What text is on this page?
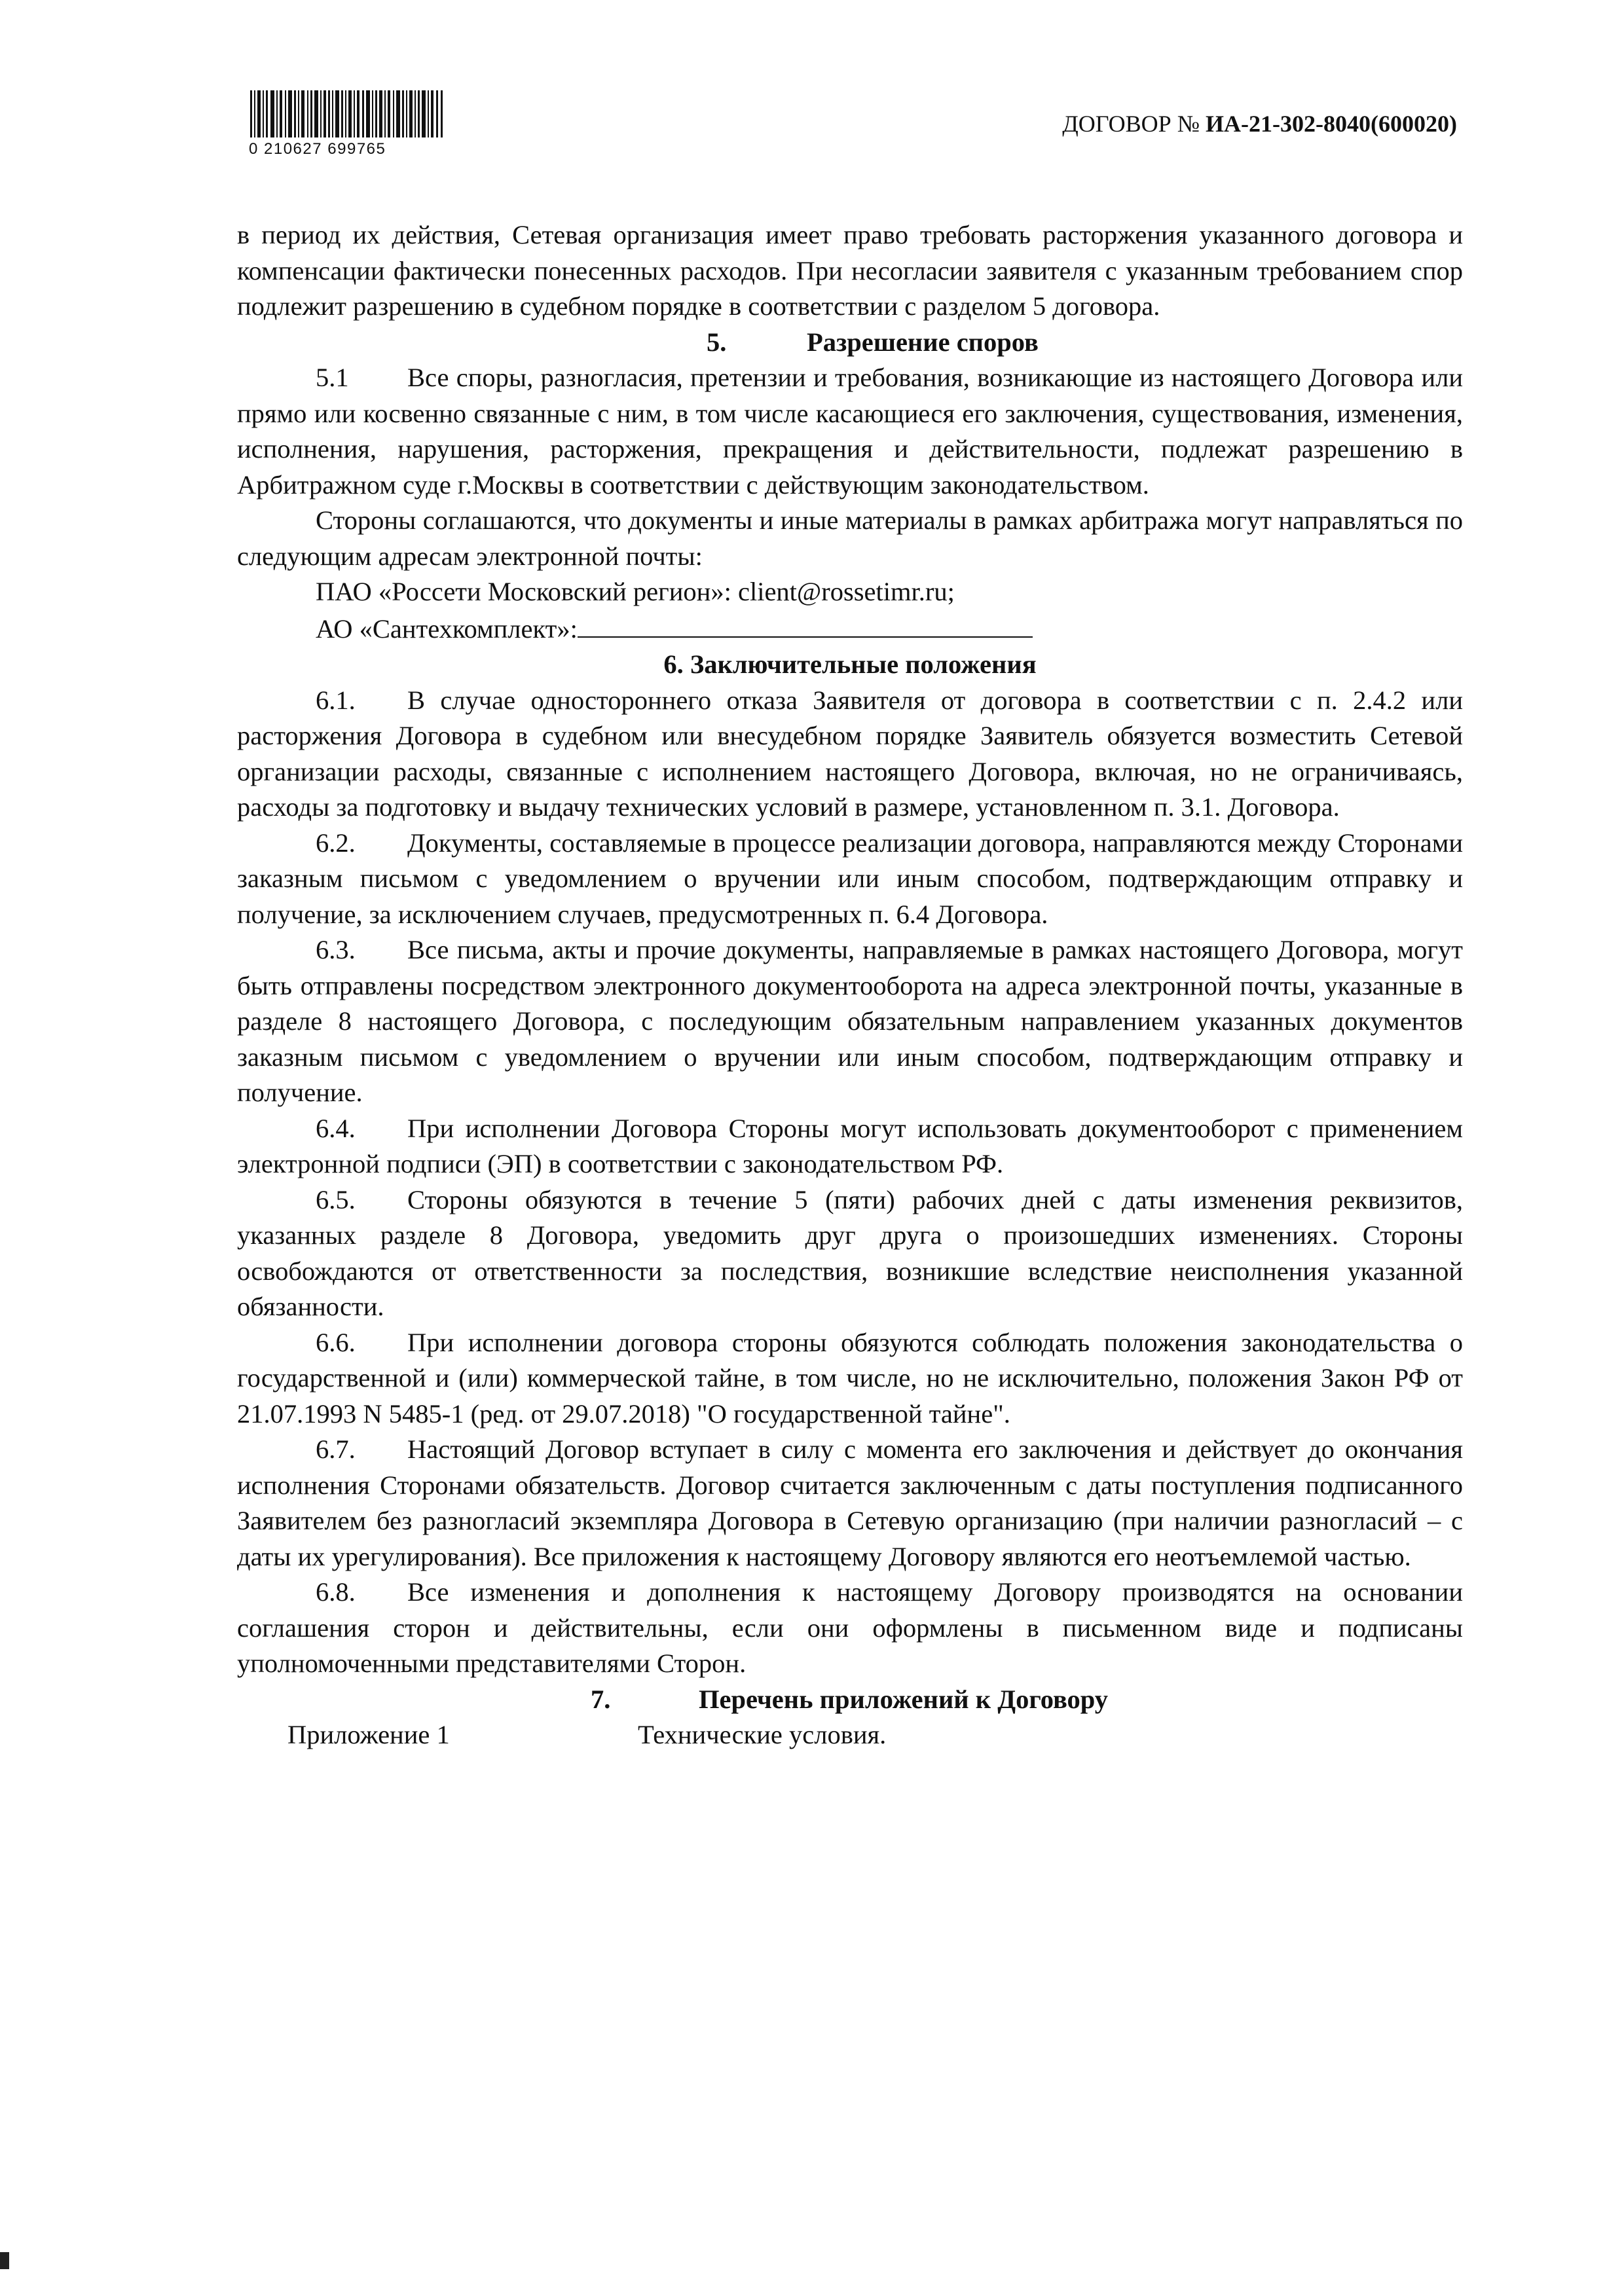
0 210627 699765
ДОГОВОР № ИА-21-302-8040(600020)

в период их действия, Сетевая организация имеет право требовать расторжения указанного договора и компенсации фактически понесенных расходов. При несогласии заявителя с указанным требованием спор подлежит разрешению в судебном порядке в соответствии с разделом 5 договора.

5.	Разрешение споров

5.1 Все споры, разногласия, претензии и требования, возникающие из настоящего Договора или прямо или косвенно связанные с ним, в том числе касающиеся его заключения, существования, изменения, исполнения, нарушения, расторжения, прекращения и действительности, подлежат разрешению в Арбитражном суде г.Москвы в соответствии с действующим законодательством.

Стороны соглашаются, что документы и иные материалы в рамках арбитража могут направляться по следующим адресам электронной почты:

ПАО «Россети Московский регион»: client@rossetimr.ru;
АО «Сантехкомплект»:
6. Заключительные положения

6.1. В случае одностороннего отказа Заявителя от договора в соответствии с п. 2.4.2 или расторжения Договора в судебном или внесудебном порядке Заявитель обязуется возместить Сетевой организации расходы, связанные с исполнением настоящего Договора, включая, но не ограничиваясь, расходы за подготовку и выдачу технических условий в размере, установленном п. 3.1. Договора.

6.2. Документы, составляемые в процессе реализации договора, направляются между Сторонами заказным письмом с уведомлением о вручении или иным способом, подтверждающим отправку и получение, за исключением случаев, предусмотренных п. 6.4 Договора.

6.3. Все письма, акты и прочие документы, направляемые в рамках настоящего Договора, могут быть отправлены посредством электронного документооборота на адреса электронной почты, указанные в разделе 8 настоящего Договора, с последующим обязательным направлением указанных документов заказным письмом с уведомлением о вручении или иным способом, подтверждающим отправку и получение.

6.4. При исполнении Договора Стороны могут использовать документооборот с применением электронной подписи (ЭП) в соответствии с законодательством РФ.

6.5. Стороны обязуются в течение 5 (пяти) рабочих дней с даты изменения реквизитов, указанных разделе 8 Договора, уведомить друг друга о произошедших изменениях. Стороны освобождаются от ответственности за последствия, возникшие вследствие неисполнения указанной обязанности.

6.6. При исполнении договора стороны обязуются соблюдать положения законодательства о государственной и (или) коммерческой тайне, в том числе, но не исключительно, положения Закон РФ от 21.07.1993 N 5485-1 (ред. от 29.07.2018) "О государственной тайне".

6.7. Настоящий Договор вступает в силу с момента его заключения и действует до окончания исполнения Сторонами обязательств. Договор считается заключенным с даты поступления подписанного Заявителем без разногласий экземпляра Договора в Сетевую организацию (при наличии разногласий – с даты их урегулирования). Все приложения к настоящему Договору являются его неотъемлемой частью.

6.8. Все изменения и дополнения к настоящему Договору производятся на основании соглашения сторон и действительны, если они оформлены в письменном виде и подписаны уполномоченными представителями Сторон.

7.	Перечень приложений к Договору
Приложение 1	Технические условия.
